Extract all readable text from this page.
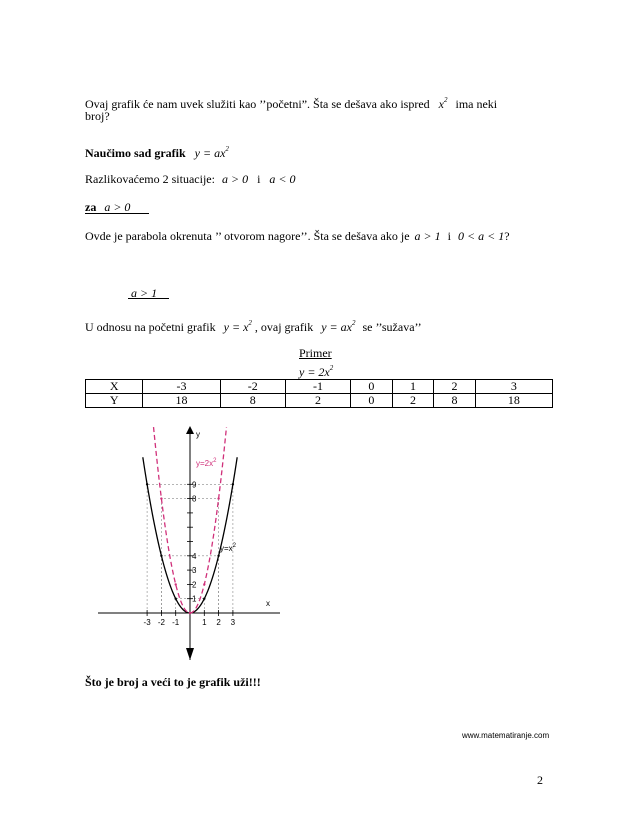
Ovaj grafik će nam uvek služiti kao ’’početni”. Šta se dešava ako ispred $x^2$ ima neki
broj?
Naučimo sad grafik $y = ax^2$
Razlikovaćemo 2 situacije: a > 0 i a < 0
za a > 0
Ovde je parabola okrenuta ’’ otvorom nagore’’. Šta se dešava ako je a > 1 i 0 < a < 1?
a > 1
U odnosu na početni grafik $y = x^2$ , ovaj grafik $y = ax^2$ se ’’sužava’’
Primer
$y = 2x^2$
X	-3	-2	-1	0	1	2	3
Y	18	8	2	0	2	8	18
-3 -2 -1	1 2 3
1
2
3
4
8
9
y
x
$y=2x^2$
$y=x^2$
Što je broj a veći to je grafik uži!!!
www.matematiranje.com
2
